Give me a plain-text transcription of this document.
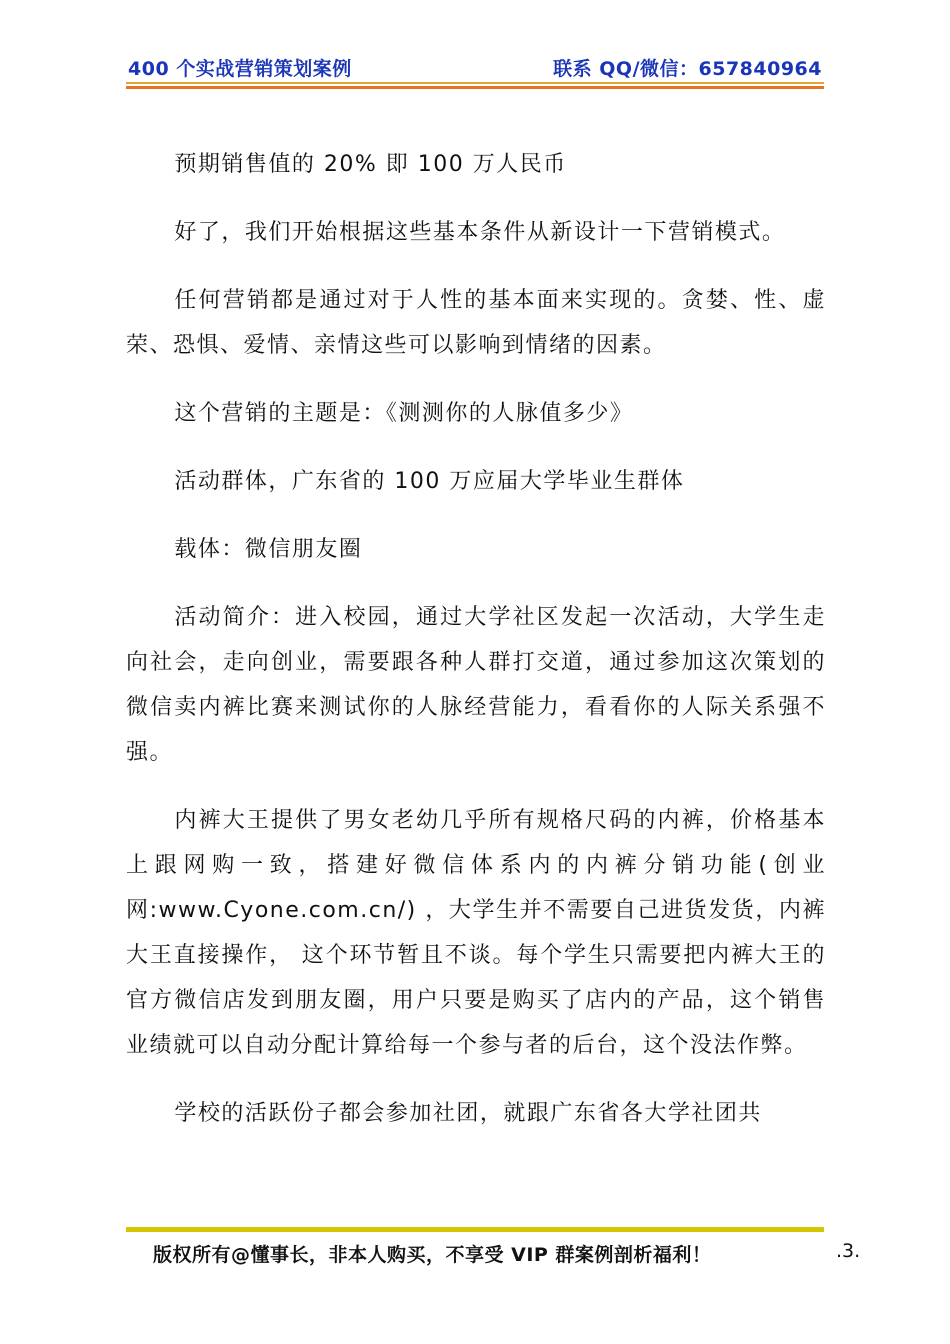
400 个实战营销策划案例	联系 QQ/微信：657840964

预期销售值的 20% 即 100 万人民币

好了，我们开始根据这些基本条件从新设计一下营销模式。

任何营销都是通过对于人性的基本面来实现的。贪婪、性、虚荣、恐惧、爱情、亲情这些可以影响到情绪的因素。

这个营销的主题是：《测测你的人脉值多少》

活动群体，广东省的 100 万应届大学毕业生群体

载体：微信朋友圈

活动简介：进入校园，通过大学社区发起一次活动，大学生走向社会，走向创业，需要跟各种人群打交道，通过参加这次策划的微信卖内裤比赛来测试你的人脉经营能力，看看你的人际关系强不强。

内裤大王提供了男女老幼几乎所有规格尺码的内裤，价格基本上跟网购一致，搭建好微信体系内的内裤分销功能(创业网:www.Cyone.com.cn/) ，大学生并不需要自己进货发货，内裤大王直接操作， 这个环节暂且不谈。每个学生只需要把内裤大王的官方微信店发到朋友圈，用户只要是购买了店内的产品，这个销售业绩就可以自动分配计算给每一个参与者的后台，这个没法作弊。

学校的活跃份子都会参加社团，就跟广东省各大学社团共

版权所有@懂事长，非本人购买，不享受 VIP 群案例剖析福利！	.3.
